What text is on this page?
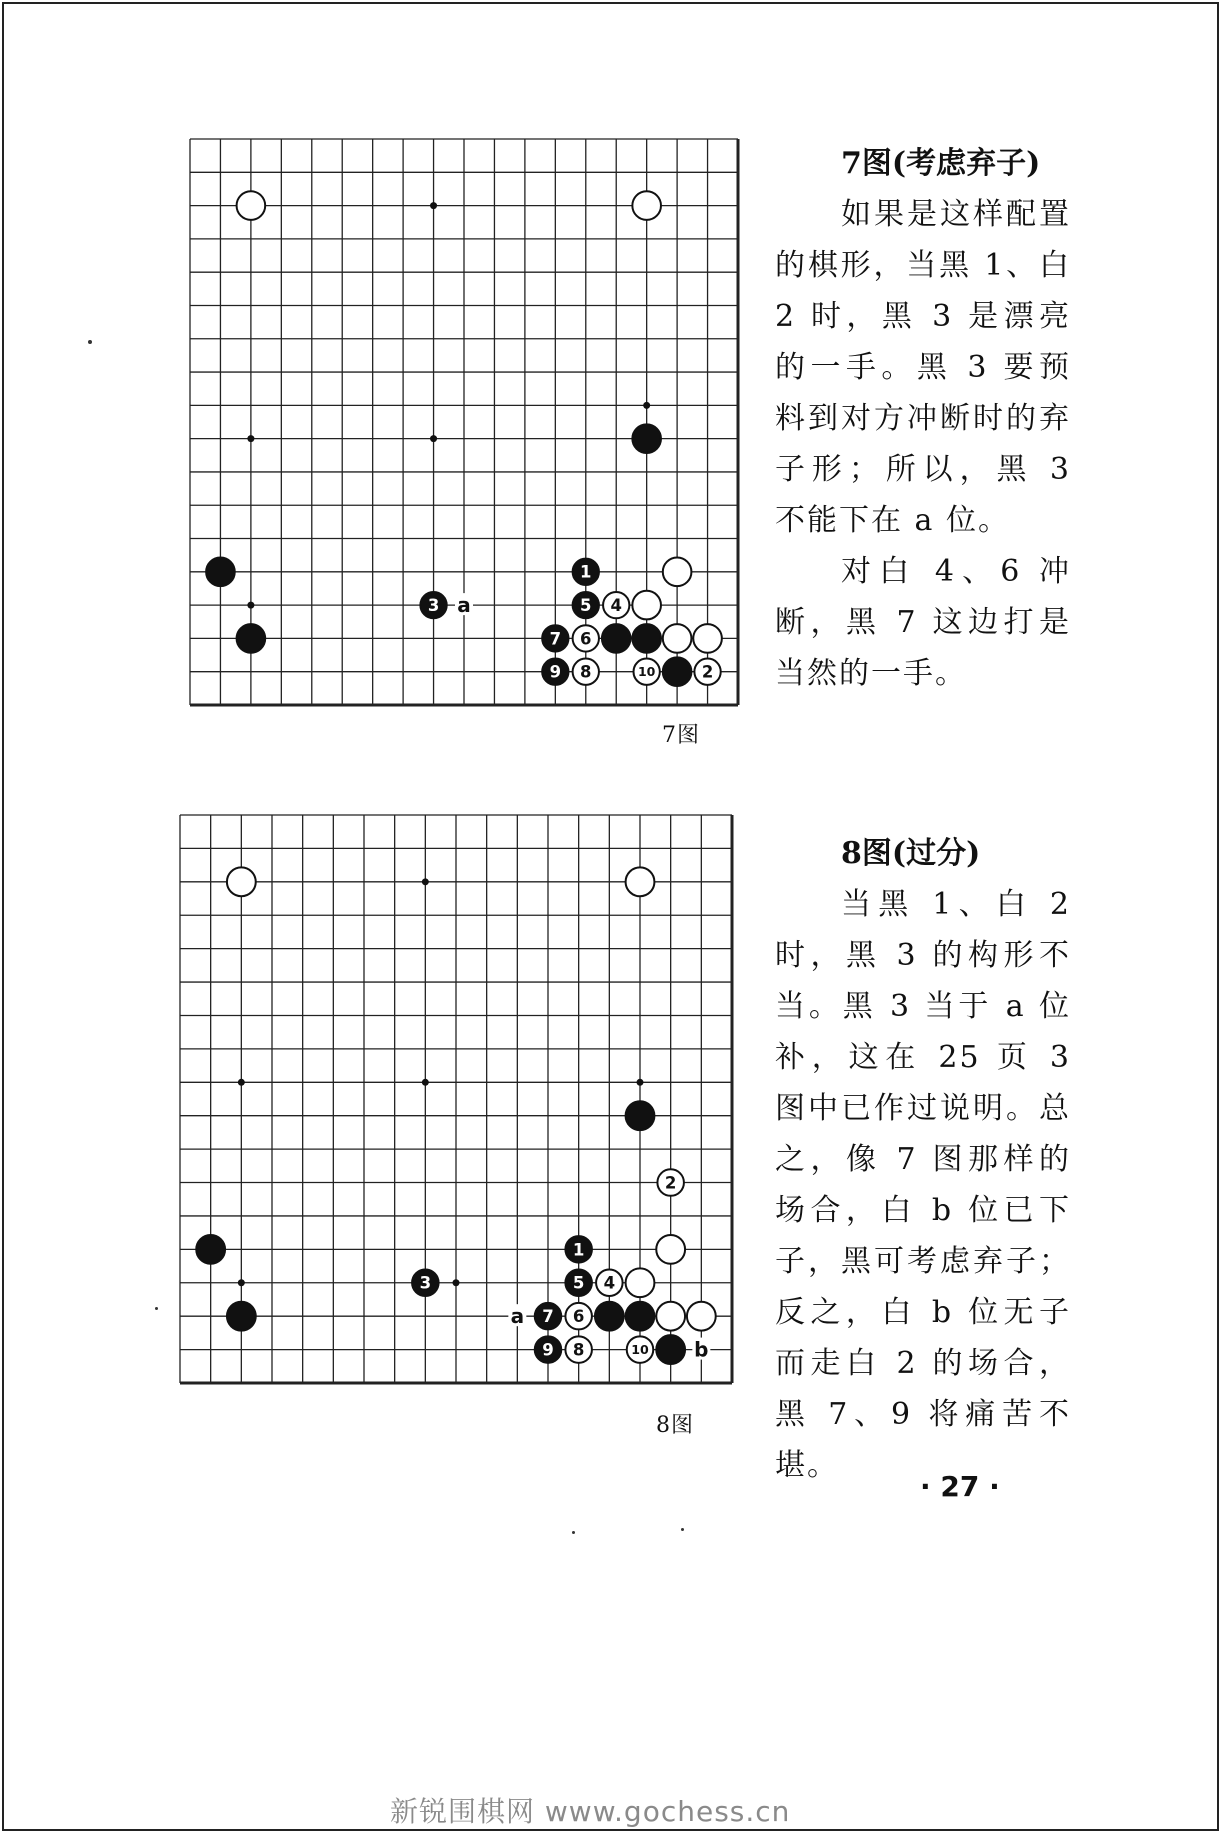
3
1
5 4
7 6
9 8	10	2
a
7图
7图(考虑弃子)

如果是这样配置的棋形，当黑 1、白 2 时，黑 3 是漂亮的一手。黑 3 要预料到对方冲断时的弃子形；所以，黑 3 不能下在 a 位。

对白 4、6 冲断，黑 7 这边打是当然的一手。

2
3
1
5 4
7 6
9 8	10
a
b
8图
8图(过分)

当黑 1、白 2 时，黑 3 的构形不当。黑 3 当于 a 位补，这在 25 页 3 图中已作过说明。总之，像 7 图那样的场合，白 b 位已下子，黑可考虑弃子；反之，白 b 位无子而走白 2 的场合，黑 7、9 将痛苦不堪。

· 27 ·
新锐围棋网 www.gochess.cn
